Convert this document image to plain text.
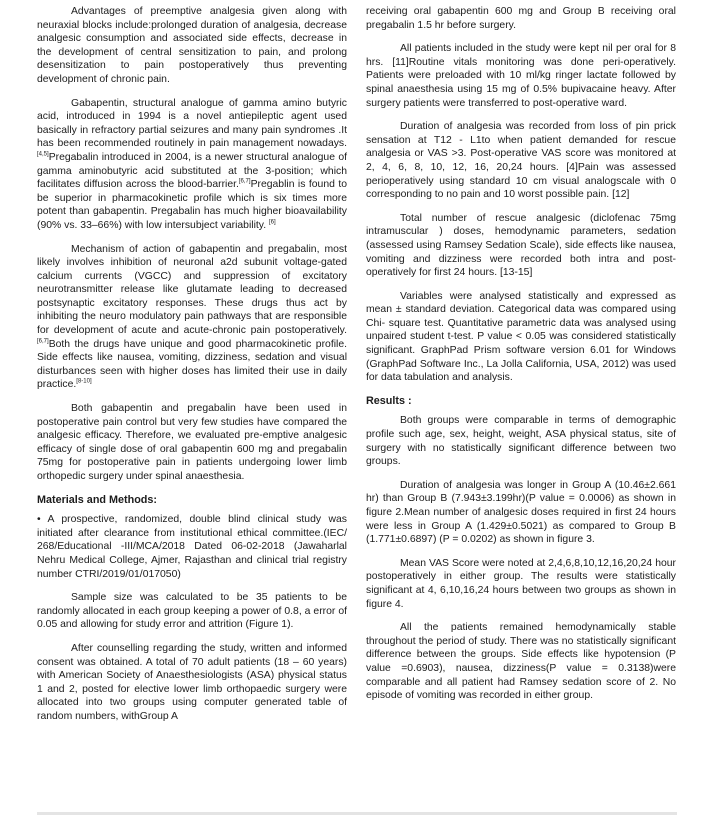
Advantages of preemptive analgesia given along with neuraxial blocks include:prolonged duration of analgesia, decrease analgesic consumption and associated side effects, decrease in the development of central sensitization to pain, and prolong desensitization to pain postoperatively thus preventing development of chronic pain.

Gabapentin, structural analogue of gamma amino butyric acid, introduced in 1994 is a novel antiepileptic agent used basically in refractory partial seizures and many pain syndromes .It has been recommended routinely in pain management nowadays.[4,5]Pregabalin introduced in 2004, is a newer structural analogue of gamma aminobutyric acid substituted at the 3-position; which facilitates diffusion across the blood-barrier.[6,7]Pregablin is found to be superior in pharmacokinetic profile which is six times more potent than gabapentin. Pregabalin has much higher bioavailability (90% vs. 33–66%) with low intersubject variability. [6]

Mechanism of action of gabapentin and pregabalin, most likely involves inhibition of neuronal a2d subunit voltage-gated calcium currents (VGCC) and suppression of excitatory neurotransmitter release like glutamate leading to decreased postsynaptic excitatory responses. These drugs thus act by inhibiting the neuro modulatory pain pathways that are responsible for development of acute and acute-chronic pain postoperatively.[6,7]Both the drugs have unique and good pharmacokinetic profile. Side effects like nausea, vomiting, dizziness, sedation and visual disturbances seen with higher doses has limited their use in daily practice.[8-10]

Both gabapentin and pregabalin have been used in postoperative pain control but very few studies have compared the analgesic efficacy. Therefore, we evaluated pre-emptive analgesic efficacy of single dose of oral gabapentin 600 mg and pregabalin 75mg for postoperative pain in patients undergoing lower limb orthopedic surgery under spinal anaesthesia.

Materials and Methods:

• A prospective, randomized, double blind clinical study was initiated after clearance from institutional ethical committee.(IEC/ 268/Educational -III/MCA/2018 Dated 06-02-2018 (Jawaharlal Nehru Medical College, Ajmer, Rajasthan and clinical trial registry number CTRI/2019/01/017050)

Sample size was calculated to be 35 patients to be randomly allocated in each group keeping a power of 0.8, a error of 0.05 and allowing for study error and attrition (Figure 1).

After counselling regarding the study, written and informed consent was obtained. A total of 70 adult patients (18 – 60 years) with American Society of Anaesthesiologists (ASA) physical status 1 and 2, posted for elective lower limb orthopaedic surgery were allocated into two groups using computer generated table of random numbers, withGroup A

receiving oral gabapentin 600 mg and Group B receiving oral pregabalin 1.5 hr before surgery.

All patients included in the study were kept nil per oral for 8 hrs. [11]Routine vitals monitoring was done peri-operatively. Patients were preloaded with 10 ml/kg ringer lactate followed by spinal anaesthesia using 15 mg of 0.5% bupivacaine heavy. After surgery patients were transferred to post-operative ward.

Duration of analgesia was recorded from loss of pin prick sensation at T12 - L1to when patient demanded for rescue analgesia or VAS >3. Post-operative VAS score was monitored at 2, 4, 6, 8, 10, 12, 16, 20,24 hours. [4]Pain was assessed perioperatively using standard 10 cm visual analogscale with 0 corresponding to no pain and 10 worst possible pain. [12]

Total number of rescue analgesic (diclofenac 75mg intramuscular ) doses, hemodynamic parameters, sedation (assessed using Ramsey Sedation Scale), side effects like nausea, vomiting and dizziness were recorded both intra and post-operatively for first 24 hours. [13-15]

Variables were analysed statistically and expressed as mean ± standard deviation. Categorical data was compared using Chi- square test. Quantitative parametric data was analysed using unpaired student t-test. P value < 0.05 was considered statistically significant. GraphPad Prism software version 6.01 for Windows (GraphPad Software Inc., La Jolla California, USA, 2012) was used for data tabulation and analysis.

Results :

Both groups were comparable in terms of demographic profile such age, sex, height, weight, ASA physical status, site of surgery with no statistically significant difference between two groups.

Duration of analgesia was longer in Group A (10.46±2.661 hr) than Group B (7.943±3.199hr)(P value = 0.0006) as shown in figure 2.Mean number of analgesic doses required in first 24 hours were less in Group A (1.429±0.5021) as compared to Group B (1.771±0.6897) (P = 0.0202) as shown in figure 3.

Mean VAS Score were noted at 2,4,6,8,10,12,16,20,24 hour postoperatively in either group. The results were statistically significant at 4, 6,10,16,24 hours between two groups as shown in figure 4.

All the patients remained hemodynamically stable throughout the period of study. There was no statistically significant difference between the groups. Side effects like hypotension (P value =0.6903), nausea, dizziness(P value = 0.3138)were comparable and all patient had Ramsey sedation score of 2. No episode of vomiting was recorded in either group.
